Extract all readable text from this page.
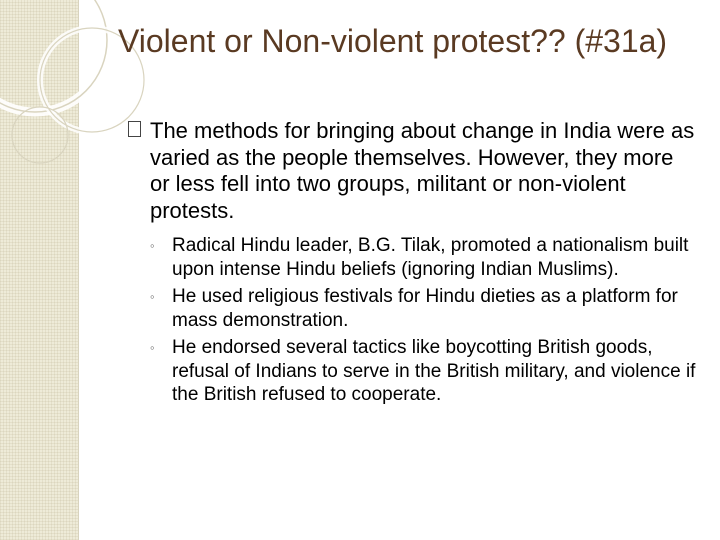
Violent or Non-violent protest?? (#31a)

The methods for bringing about change in India were as varied as the people themselves. However, they more or less fell into two groups, militant or non-violent protests.

◦ Radical Hindu leader, B.G. Tilak, promoted a nationalism built upon intense Hindu beliefs (ignoring Indian Muslims).
◦ He used religious festivals for Hindu dieties as a platform for mass demonstration.
◦ He endorsed several tactics like boycotting British goods, refusal of Indians to serve in the British military, and violence if the British refused to cooperate.
